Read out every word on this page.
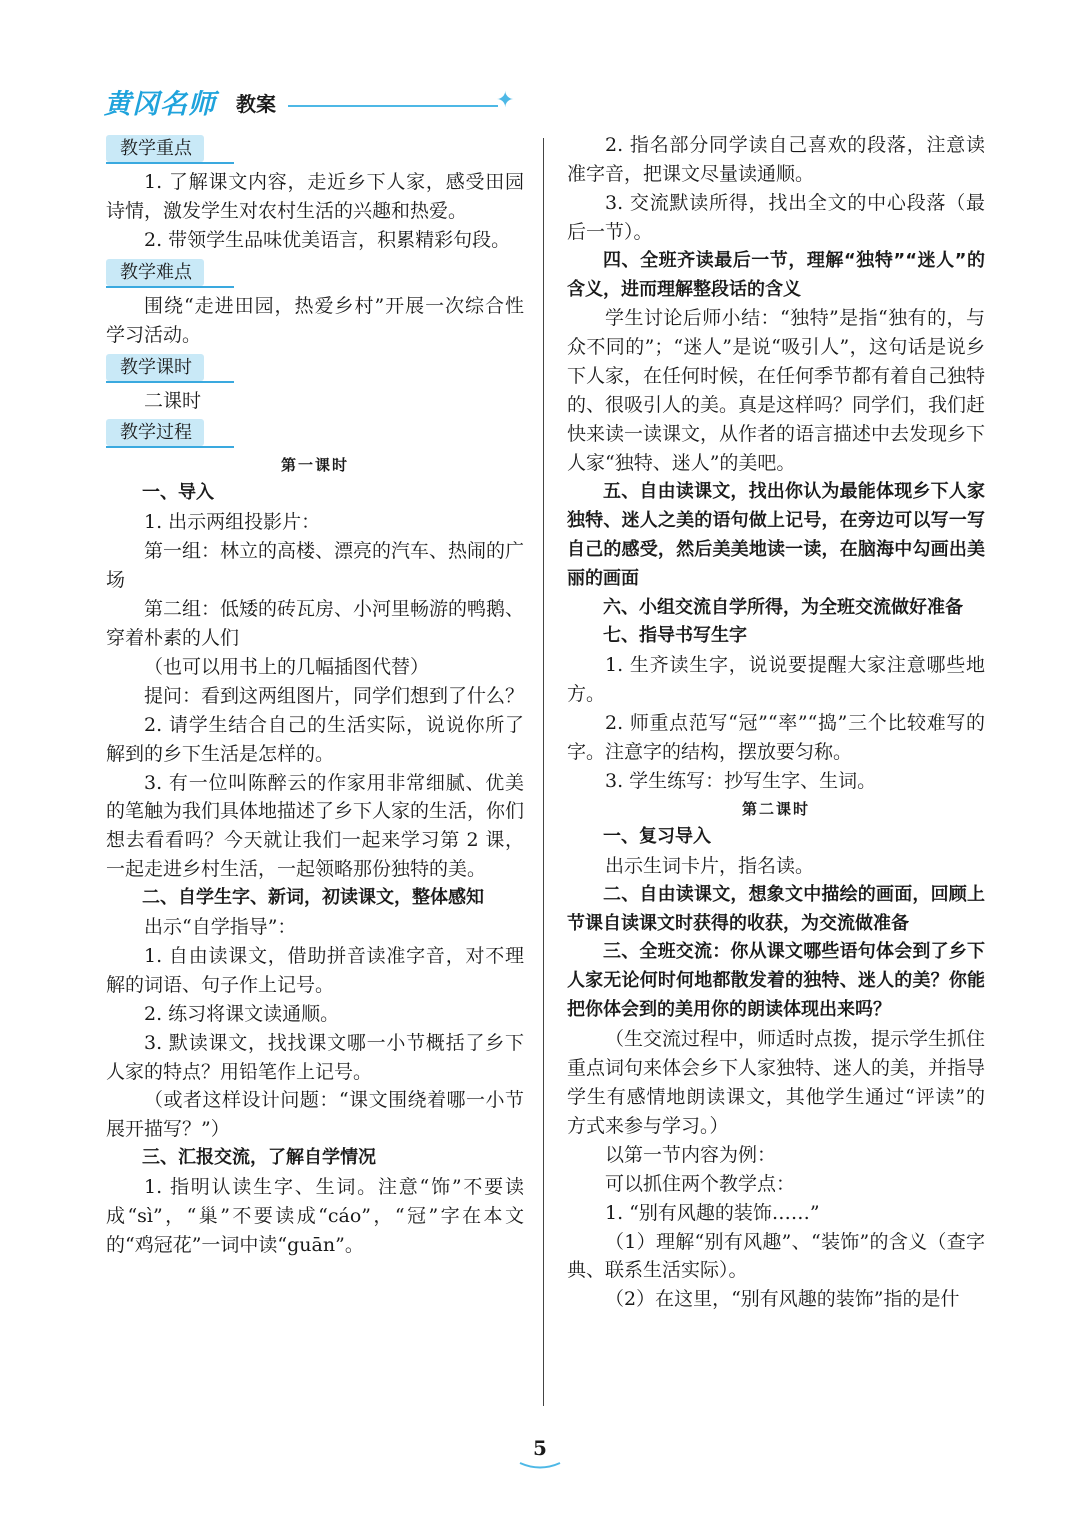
黄冈名师 教案	✦
教学重点

1. 了解课文内容，走近乡下人家，感受田园诗情，激发学生对农村生活的兴趣和热爱。

2. 带领学生品味优美语言，积累精彩句段。

教学难点

围绕“走进田园，热爱乡村”开展一次综合性学习活动。

教学课时

二课时

教学过程

第一课时

一、导入

1. 出示两组投影片：

第一组：林立的高楼、漂亮的汽车、热闹的广场

第二组：低矮的砖瓦房、小河里畅游的鸭鹅、穿着朴素的人们

（也可以用书上的几幅插图代替）

提问：看到这两组图片，同学们想到了什么？

2. 请学生结合自己的生活实际，说说你所了解到的乡下生活是怎样的。

3. 有一位叫陈醉云的作家用非常细腻、优美的笔触为我们具体地描述了乡下人家的生活，你们想去看看吗？今天就让我们一起来学习第 2 课，一起走进乡村生活，一起领略那份独特的美。

二、自学生字、新词，初读课文，整体感知

出示“自学指导”：

1. 自由读课文，借助拼音读准字音，对不理解的词语、句子作上记号。

2. 练习将课文读通顺。

3. 默读课文，找找课文哪一小节概括了乡下人家的特点？用铅笔作上记号。

（或者这样设计问题：“课文围绕着哪一小节展开描写？”）

三、汇报交流，了解自学情况

1. 指明认读生字、生词。注意“饰”不要读成“sì”，“巢”不要读成“cáo”，“冠”字在本文的“鸡冠花”一词中读“guān”。

2. 指名部分同学读自己喜欢的段落，注意读准字音，把课文尽量读通顺。

3. 交流默读所得，找出全文的中心段落（最后一节）。

四、全班齐读最后一节，理解“独特”“迷人”的含义，进而理解整段话的含义

学生讨论后师小结：“独特”是指“独有的，与众不同的”；“迷人”是说“吸引人”，这句话是说乡下人家，在任何时候，在任何季节都有着自己独特的、很吸引人的美。真是这样吗？同学们，我们赶快来读一读课文，从作者的语言描述中去发现乡下人家“独特、迷人”的美吧。

五、自由读课文，找出你认为最能体现乡下人家独特、迷人之美的语句做上记号，在旁边可以写一写自己的感受，然后美美地读一读，在脑海中勾画出美丽的画面

六、小组交流自学所得，为全班交流做好准备

七、指导书写生字

1. 生齐读生字，说说要提醒大家注意哪些地方。

2. 师重点范写“冠”“率”“捣”三个比较难写的字。注意字的结构，摆放要匀称。

3. 学生练写：抄写生字、生词。

第二课时

一、复习导入

出示生词卡片，指名读。

二、自由读课文，想象文中描绘的画面，回顾上节课自读课文时获得的收获，为交流做准备

三、全班交流：你从课文哪些语句体会到了乡下人家无论何时何地都散发着的独特、迷人的美？你能把你体会到的美用你的朗读体现出来吗？

（生交流过程中，师适时点拨，提示学生抓住重点词句来体会乡下人家独特、迷人的美，并指导学生有感情地朗读课文，其他学生通过“评读”的方式来参与学习。）

以第一节内容为例：

可以抓住两个教学点：

1. “别有风趣的装饰……”

（1）理解“别有风趣”、“装饰”的含义（查字典、联系生活实际）。

（2）在这里，“别有风趣的装饰”指的是什

5
